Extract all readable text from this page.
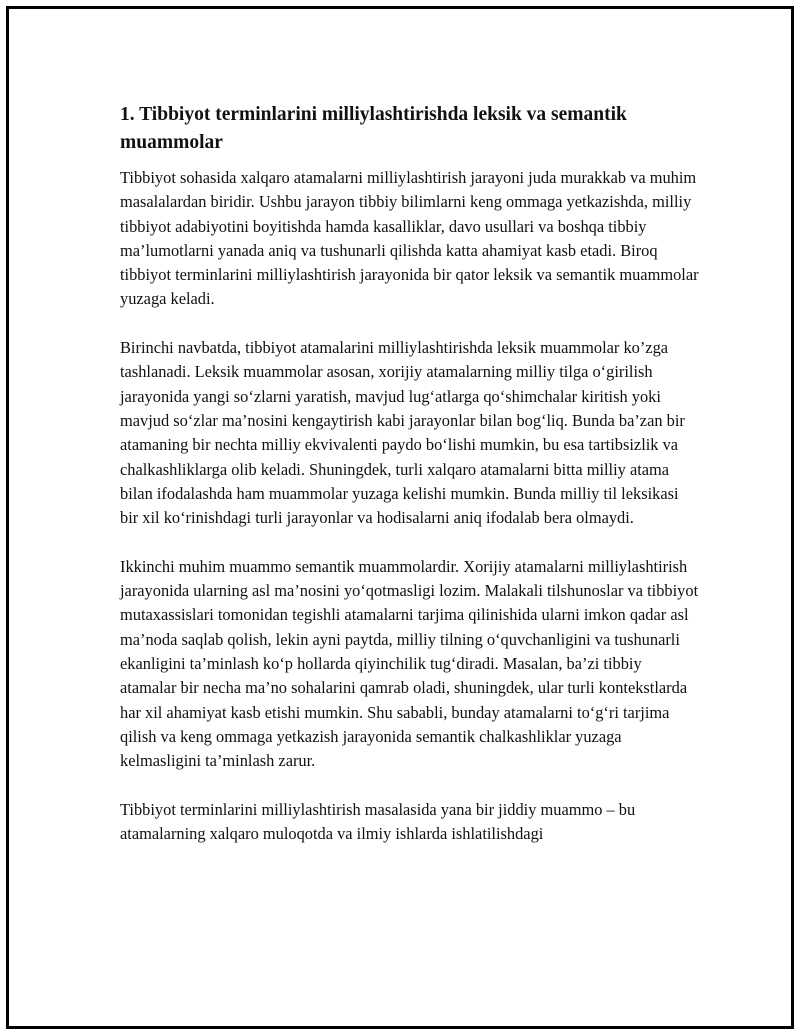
1. Tibbiyot terminlarini milliylashtirishda leksik va semantik muammolar

Tibbiyot sohasida xalqaro atamalarni milliylashtirish jarayoni juda murakkab va muhim masalalardan biridir. Ushbu jarayon tibbiy bilimlarni keng ommaga yetkazishda, milliy tibbiyot adabiyotini boyitishda hamda kasalliklar, davo usullari va boshqa tibbiy ma’lumotlarni yanada aniq va tushunarli qilishda katta ahamiyat kasb etadi. Biroq tibbiyot terminlarini milliylashtirish jarayonida bir qator leksik va semantik muammolar yuzaga keladi.

Birinchi navbatda, tibbiyot atamalarini milliylashtirishda leksik muammolar ko’zga tashlanadi. Leksik muammolar asosan, xorijiy atamalarning milliy tilga o‘girilish jarayonida yangi so‘zlarni yaratish, mavjud lug‘atlarga qo‘shimchalar kiritish yoki mavjud so‘zlar ma’nosini kengaytirish kabi jarayonlar bilan bog‘liq. Bunda ba’zan bir atamaning bir nechta milliy ekvivalenti paydo bo‘lishi mumkin, bu esa tartibsizlik va chalkashliklarga olib keladi. Shuningdek, turli xalqaro atamalarni bitta milliy atama bilan ifodalashda ham muammolar yuzaga kelishi mumkin. Bunda milliy til leksikasi bir xil ko‘rinishdagi turli jarayonlar va hodisalarni aniq ifodalab bera olmaydi.

Ikkinchi muhim muammo semantik muammolardir. Xorijiy atamalarni milliylashtirish jarayonida ularning asl ma’nosini yo‘qotmasligi lozim. Malakali tilshunoslar va tibbiyot mutaxassislari tomonidan tegishli atamalarni tarjima qilinishida ularni imkon qadar asl ma’noda saqlab qolish, lekin ayni paytda, milliy tilning o‘quvchanligini va tushunarli ekanligini ta’minlash ko‘p hollarda qiyinchilik tug‘diradi. Masalan, ba’zi tibbiy atamalar bir necha ma’no sohalarini qamrab oladi, shuningdek, ular turli kontekstlarda har xil ahamiyat kasb etishi mumkin. Shu sababli, bunday atamalarni to‘g‘ri tarjima qilish va keng ommaga yetkazish jarayonida semantik chalkashliklar yuzaga kelmasligini ta’minlash zarur.

Tibbiyot terminlarini milliylashtirish masalasida yana bir jiddiy muammo – bu atamalarning xalqaro muloqotda va ilmiy ishlarda ishlatilishdagi
